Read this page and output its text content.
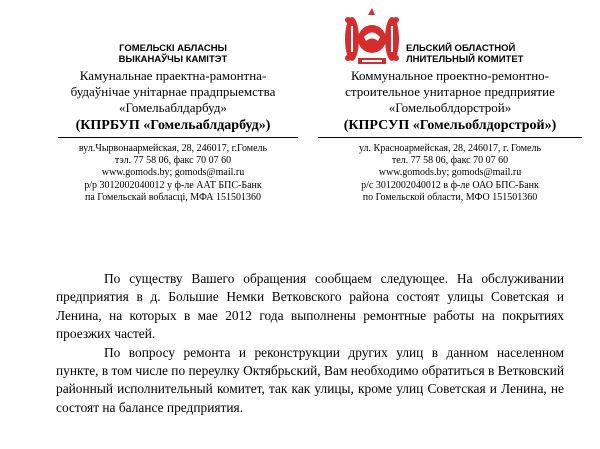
ГОМЕЛЬСКІ АБЛАСНЫ
ВЫКАНАЎЧЫ КАМІТЭТ
Камунальнае праектна-рамонтна-
будаўнічае унітарнае прадпрыемства
«Гомельаблдарбуд»
(КПРБУП «Гомельаблдарбуд»)
вул.Чырвонаармейская, 28, 246017, г.Гомель
тэл. 77 58 06, факс 70 07 60
www.gomods.by; gomods@mail.ru
р/р 3012002040012 у ф-ле ААТ БПС-Банк
па Гомельскай вобласці, МФА 151501360
ЕЛЬСКИЙ ОБЛАСТНОЙ
ЛНИТЕЛЬНЫЙ КОМИТЕТ
Коммунальное проектно-ремонтно-
строительное унитарное предприятие
«Гомельоблдорстрой»
(КПРСУП «Гомельоблдорстрой»)
ул. Красноармейская, 28, 246017, г. Гомель
тел. 77 58 06, факс 70 07 60
www.gomods.by; gomods@mail.ru
р/с 3012002040012 в ф-ле ОАО БПС-Банк
по Гомельской области, МФО 151501360

По существу Вашего обращения сообщаем следующее. На обслуживании предприятия в д. Большие Немки Ветковского района состоят улицы Советская и Ленина, на которых в мае 2012 года выполнены ремонтные работы на покрытиях проезжих частей.

По вопросу ремонта и реконструкции других улиц в данном населенном пункте, в том числе по переулку Октябрьский, Вам необходимо обратиться в Ветковский районный исполнительный комитет, так как улицы, кроме улиц Советская и Ленина, не состоят на балансе предприятия.
